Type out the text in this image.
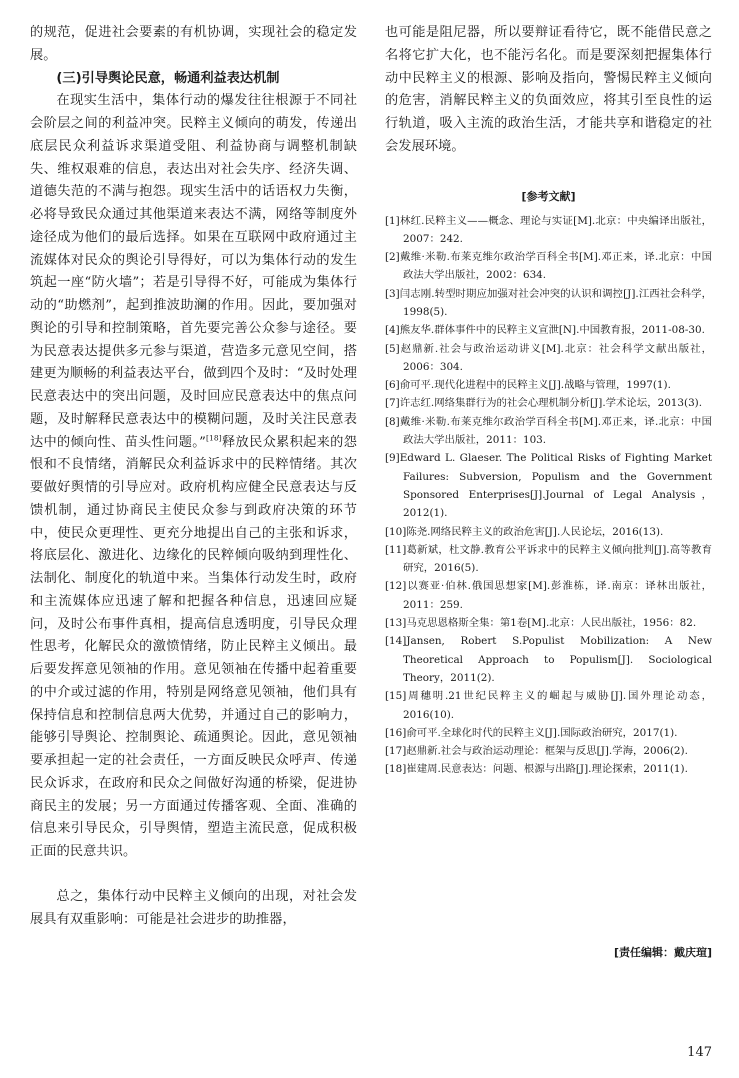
的规范，促进社会要素的有机协调，实现社会的稳定发展。

(三)引导舆论民意，畅通利益表达机制

在现实生活中，集体行动的爆发往往根源于不同社会阶层之间的利益冲突。民粹主义倾向的萌发，传递出底层民众利益诉求渠道受阻、利益协商与调整机制缺失、维权艰难的信息，表达出对社会失序、经济失调、道德失范的不满与抱怨。现实生活中的话语权力失衡，必将导致民众通过其他渠道来表达不满，网络等制度外途径成为他们的最后选择。如果在互联网中政府通过主流媒体对民众的舆论引导得好，可以为集体行动的发生筑起一座“防火墙”；若是引导得不好，可能成为集体行动的“助燃剂”，起到推波助澜的作用。因此，要加强对舆论的引导和控制策略，首先要完善公众参与途径。要为民意表达提供多元参与渠道，营造多元意见空间，搭建更为顺畅的利益表达平台，做到四个及时：“及时处理民意表达中的突出问题，及时回应民意表达中的焦点问题，及时解释民意表达中的模糊问题，及时关注民意表达中的倾向性、苗头性问题。”[18]释放民众累积起来的怨恨和不良情绪，消解民众利益诉求中的民粹情绪。其次要做好舆情的引导应对。政府机构应健全民意表达与反馈机制，通过协商民主使民众参与到政府决策的环节中，使民众更理性、更充分地提出自己的主张和诉求，将底层化、激进化、边缘化的民粹倾向吸纳到理性化、法制化、制度化的轨道中来。当集体行动发生时，政府和主流媒体应迅速了解和把握各种信息，迅速回应疑问，及时公布事件真相，提高信息透明度，引导民众理性思考，化解民众的激愤情绪，防止民粹主义倾出。最后要发挥意见领袖的作用。意见领袖在传播中起着重要的中介或过滤的作用，特别是网络意见领袖，他们具有保持信息和控制信息两大优势，并通过自己的影响力，能够引导舆论、控制舆论、疏通舆论。因此，意见领袖要承担起一定的社会责任，一方面反映民众呼声、传递民众诉求，在政府和民众之间做好沟通的桥梁，促进协商民主的发展；另一方面通过传播客观、全面、准确的信息来引导民众，引导舆情，塑造主流民意，促成积极正面的民意共识。

总之，集体行动中民粹主义倾向的出现，对社会发展具有双重影响：可能是社会进步的助推器，

也可能是阻尼器，所以要辩证看待它，既不能借民意之名将它扩大化，也不能污名化。而是要深刻把握集体行动中民粹主义的根源、影响及指向，警惕民粹主义倾向的危害，消解民粹主义的负面效应，将其引至良性的运行轨道，吸入主流的政治生活，才能共享和谐稳定的社会发展环境。

[参考文献]
[1]林红.民粹主义——概念、理论与实证[M].北京：中央编译出版社，2007：242.
[2]戴维·米勒.布莱克维尔政治学百科全书[M].邓正来，译.北京：中国政法大学出版社，2002：634.
[3]闫志刚.转型时期应加强对社会冲突的认识和调控[J].江西社会科学，1998(5).
[4]熊友华.群体事件中的民粹主义宣泄[N].中国教育报，2011-08-30.
[5]赵鼎新.社会与政治运动讲义[M].北京：社会科学文献出版社，2006：304.
[6]俞可平.现代化进程中的民粹主义[J].战略与管理，1997(1).
[7]许志红.网络集群行为的社会心理机制分析[J].学术论坛，2013(3).
[8]戴维·米勒.布莱克维尔政治学百科全书[M].邓正来，译.北京：中国政法大学出版社，2011：103.
[9]Edward L. Glaeser. The Political Risks of Fighting Market Failures: Subversion, Populism and the Government Sponsored Enterprises[J].Journal of Legal Analysis，2012(1).
[10]陈尧.网络民粹主义的政治危害[J].人民论坛，2016(13).
[11]葛新斌，杜文静.教育公平诉求中的民粹主义倾向批判[J].高等教育研究，2016(5).
[12]以赛亚·伯林.俄国思想家[M].彭淮栋，译.南京：译林出版社，2011：259.
[13]马克思恩格斯全集：第1卷[M].北京：人民出版社，1956：82.
[14]Jansen, Robert S.Populist Mobilization: A New Theoretical Approach to Populism[J]. Sociological Theory，2011(2).
[15]周穗明.21世纪民粹主义的崛起与威胁[J].国外理论动态，2016(10).
[16]俞可平.全球化时代的民粹主义[J].国际政治研究，2017(1).
[17]赵鼎新.社会与政治运动理论：框架与反思[J].学海，2006(2).
[18]崔建周.民意表达：问题、根源与出路[J].理论探索，2011(1).
[责任编辑：戴庆瑄]
147
